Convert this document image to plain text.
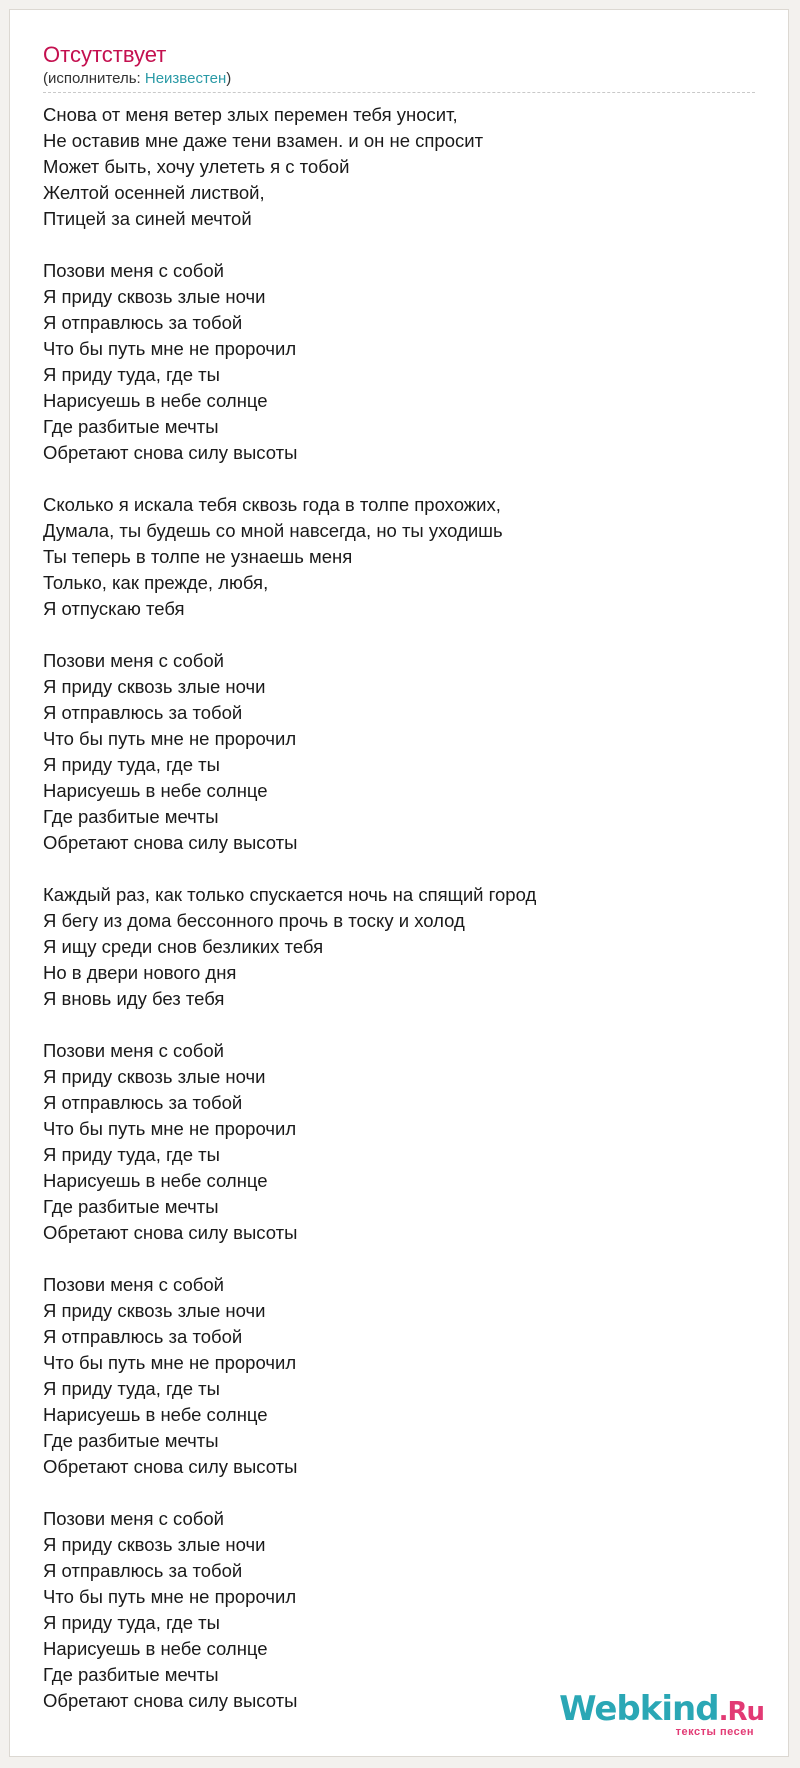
Отсутствует
(исполнитель: Неизвестен)
Снова от меня ветер злых перемен тебя уносит,
Не оставив мне даже тени взамен. и он не спросит
Может быть, хочу улететь я с тобой
Желтой осенней листвой,
Птицей за синей мечтой
Позови меня с собой
Я приду сквозь злые ночи
Я отправлюсь за тобой
Что бы путь мне не пророчил
Я приду туда, где ты
Нарисуешь в небе солнце
Где разбитые мечты
Обретают снова силу высоты
Сколько я искала тебя сквозь года в толпе прохожих,
Думала, ты будешь со мной навсегда, но ты уходишь
Ты теперь в толпе не узнаешь меня
Только, как прежде, любя,
Я отпускаю тебя
Позови меня с собой
Я приду сквозь злые ночи
Я отправлюсь за тобой
Что бы путь мне не пророчил
Я приду туда, где ты
Нарисуешь в небе солнце
Где разбитые мечты
Обретают снова силу высоты
Каждый раз, как только спускается ночь на спящий город
Я бегу из дома бессонного прочь в тоску и холод
Я ищу среди снов безликих тебя
Но в двери нового дня
Я вновь иду без тебя
Позови меня с собой
Я приду сквозь злые ночи
Я отправлюсь за тобой
Что бы путь мне не пророчил
Я приду туда, где ты
Нарисуешь в небе солнце
Где разбитые мечты
Обретают снова силу высоты
Позови меня с собой
Я приду сквозь злые ночи
Я отправлюсь за тобой
Что бы путь мне не пророчил
Я приду туда, где ты
Нарисуешь в небе солнце
Где разбитые мечты
Обретают снова силу высоты
Позови меня с собой
Я приду сквозь злые ночи
Я отправлюсь за тобой
Что бы путь мне не пророчил
Я приду туда, где ты
Нарисуешь в небе солнце
Где разбитые мечты
Обретают снова силу высоты	Webkind.Ru
тексты песен
